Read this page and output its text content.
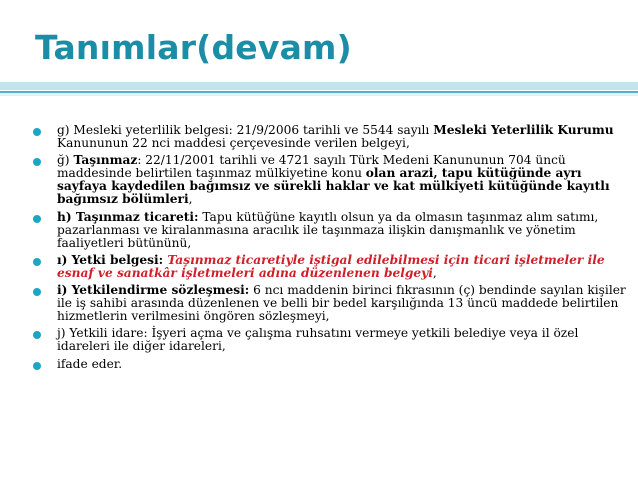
Tanımlar(devam)
g) Mesleki yeterlilik belgesi: 21/9/2006 tarihli ve 5544 sayılı Mesleki Yeterlilik Kurumu Kanununun 22 nci maddesi çerçevesinde verilen belgeyi,
ğ) Taşınmaz: 22/11/2001 tarihli ve 4721 sayılı Türk Medeni Kanununun 704 üncü maddesinde belirtilen taşınmaz mülkiyetine konu olan arazi, tapu kütüğünde ayrı sayfaya kaydedilen bağımsız ve sürekli haklar ve kat mülkiyeti kütüğünde kayıtlı bağımsız bölümleri,
h) Taşınmaz ticareti: Tapu kütüğüne kayıtlı olsun ya da olmasın taşınmaz alım satımı, pazarlanması ve kiralanmasına aracılık ile taşınmaza ilişkin danışmanlık ve yönetim faaliyetleri bütününü,
ı) Yetki belgesi: Taşınmaz ticaretiyle iştigal edilebilmesi için ticari işletmeler ile esnaf ve sanatkâr işletmeleri adına düzenlenen belgeyi,
i) Yetkilendirme sözleşmesi: 6 ncı maddenin birinci fıkrasının (ç) bendinde sayılan kişiler ile iş sahibi arasında düzenlenen ve belli bir bedel karşılığında 13 üncü maddede belirtilen hizmetlerin verilmesini öngören sözleşmeyi,
j) Yetkili idare: İşyeri açma ve çalışma ruhsatını vermeye yetkili belediye veya il özel idareleri ile diğer idareleri,
ifade eder.
